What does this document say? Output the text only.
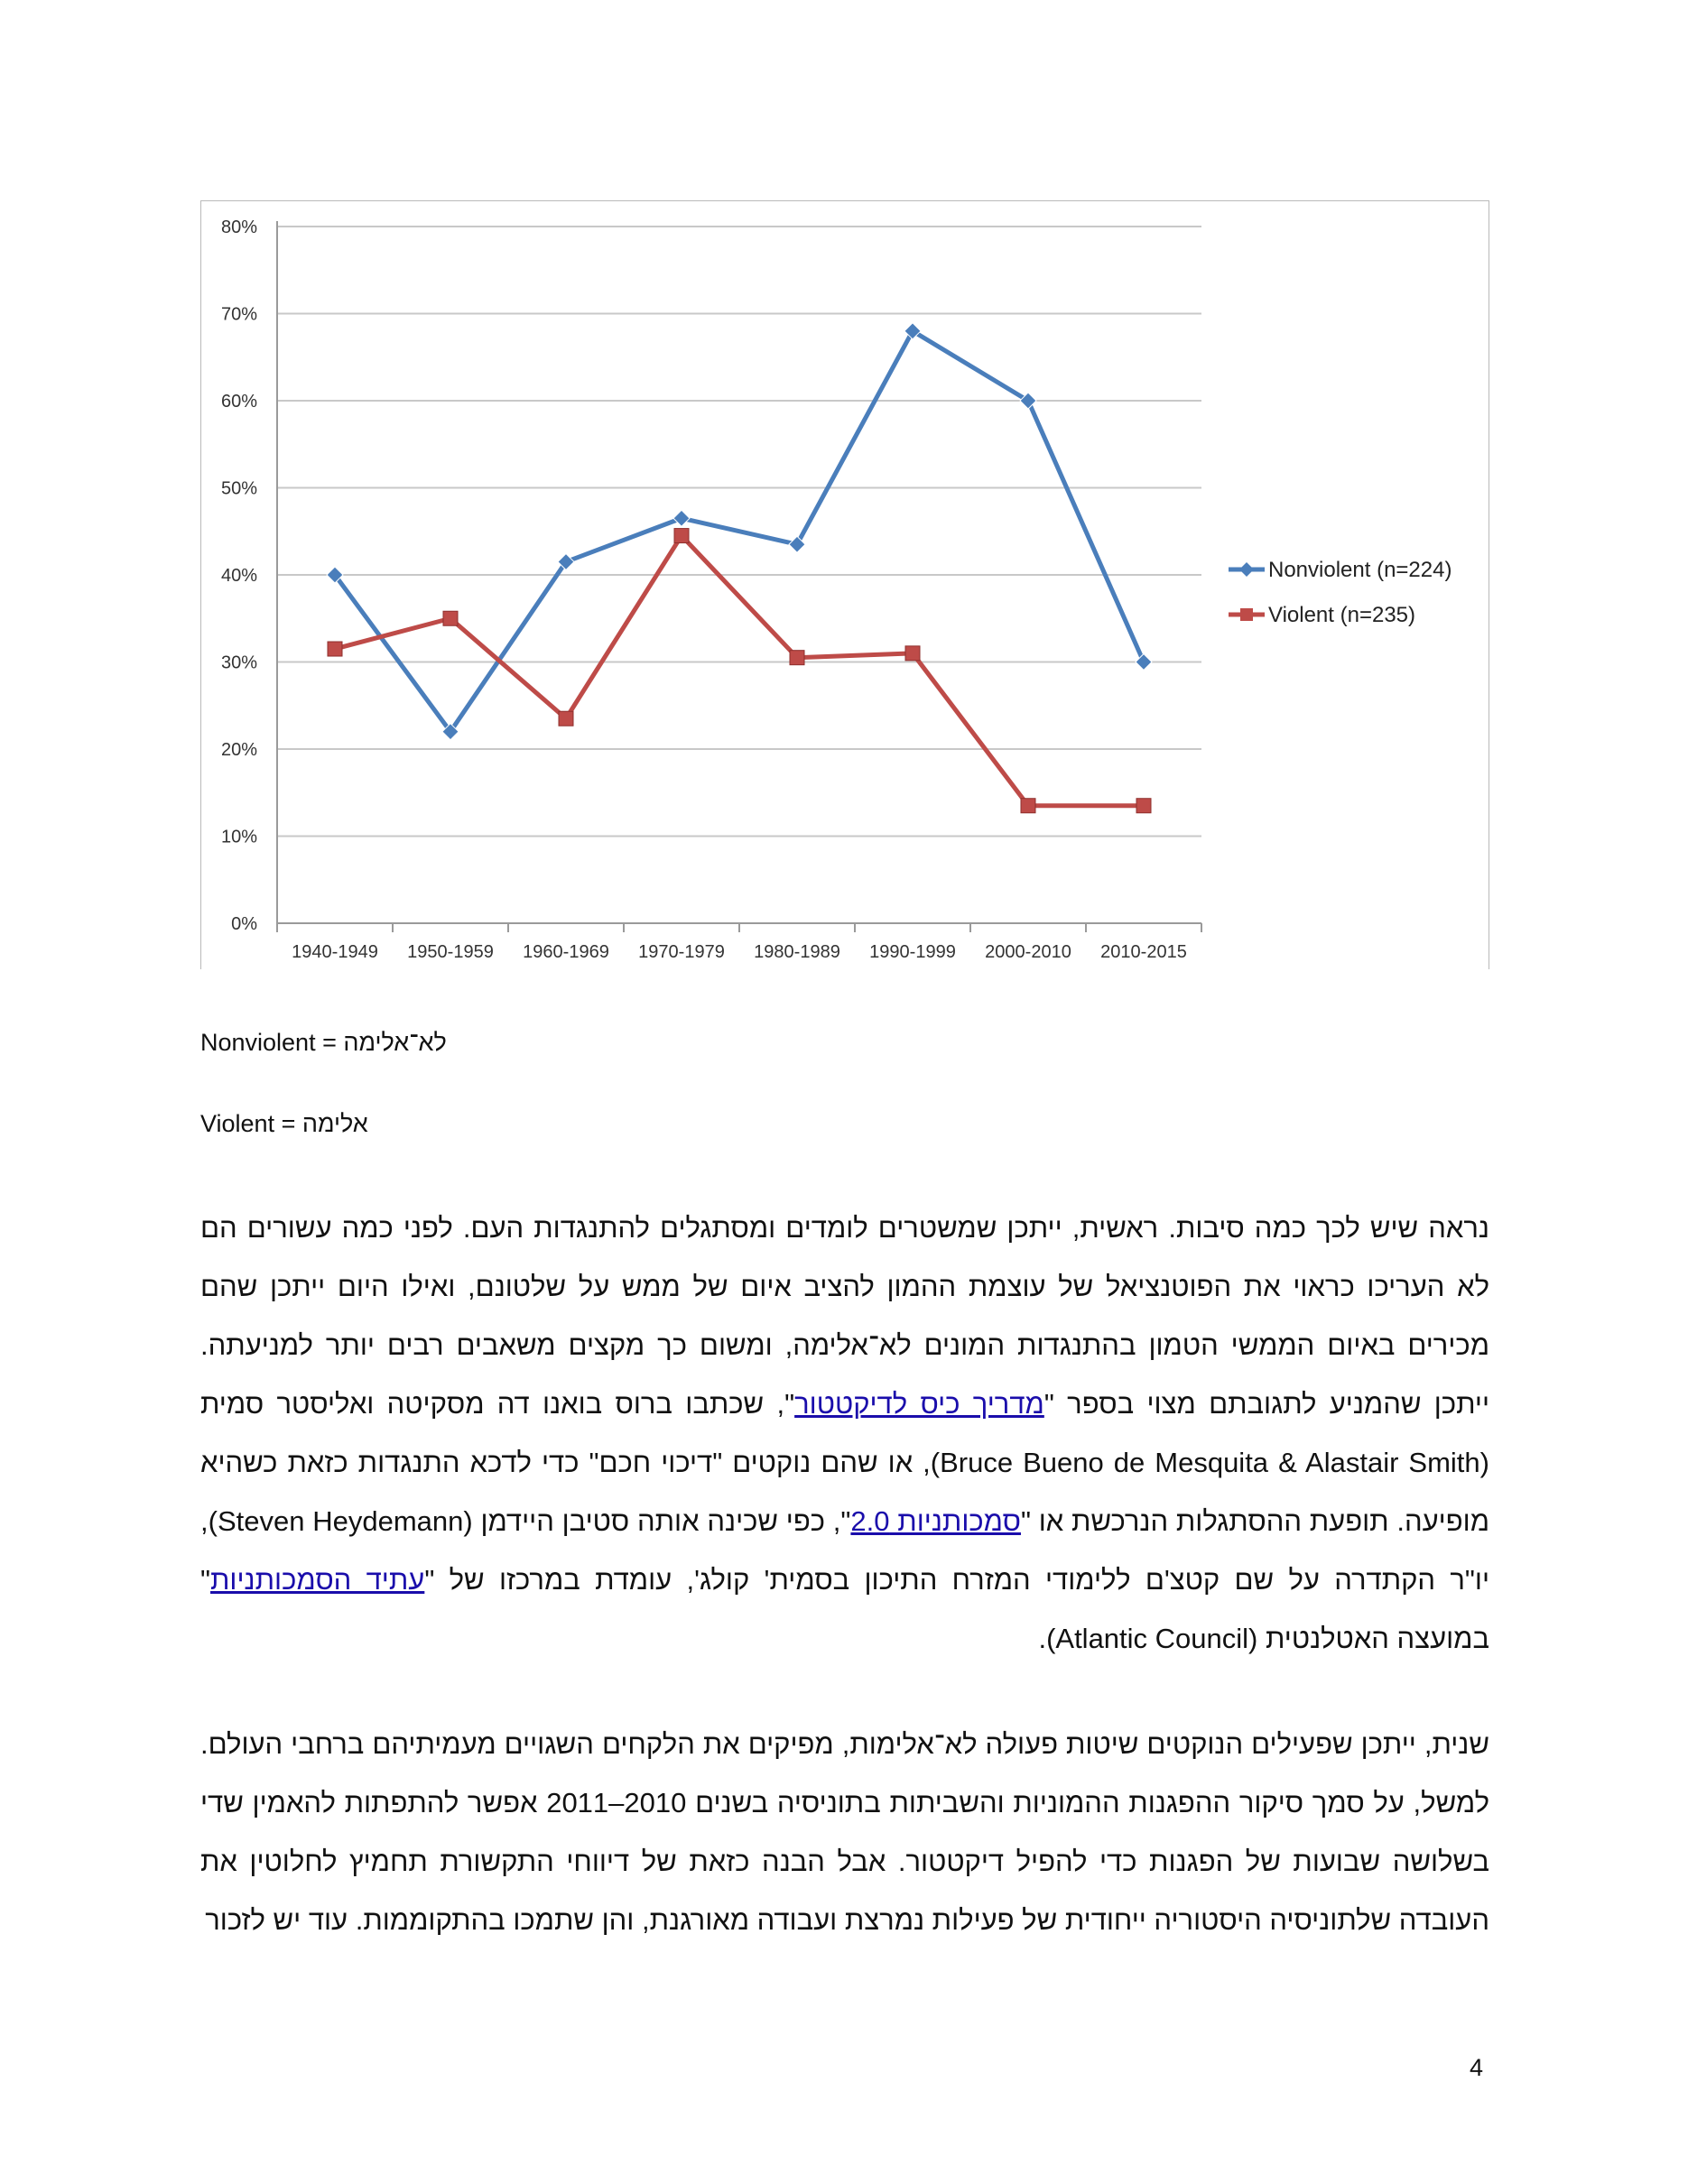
0%
10%
20%
30%
40%
50%
60%
70%
80%
1940-1949 1950-1959 1960-1969 1970-1979 1980-1989 1990-1999 2000-2010 2010-2015
Nonviolent (n=224)
Violent (n=235)
Nonviolent = לא־אלימה
Violent = אלימה

נראה שיש לכך כמה סיבות. ראשית, ייתכן שמשטרים לומדים ומסתגלים להתנגדות העם. לפני כמה עשורים הם לא העריכו כראוי את הפוטנציאל של עוצמת ההמון להציב איום של ממש על שלטונם, ואילו היום ייתכן שהם מכירים באיום הממשי הטמון בהתנגדות המונים לא־אלימה, ומשום כך מקצים משאבים רבים יותר למניעתה. ייתכן שהמניע לתגובתם מצוי בספר "מדריך כיס לדיקטטור", שכתבו ברוס בואנו דה מסקיטה ואליסטר סמית (Bruce Bueno de Mesquita & Alastair Smith), או שהם נוקטים "דיכוי חכם" כדי לדכא התנגדות כזאת כשהיא מופיעה. תופעת ההסתגלות הנרכשת או "סמכותניות 2.0", כפי שכינה אותה סטיבן היידמן (Steven Heydemann), יו"ר הקתדרה על שם קטצ'ם ללימודי המזרח התיכון בסמית' קולג', עומדת במרכזו של "עתיד הסמכותניות" במועצה האטלנטית (Atlantic Council).

שנית, ייתכן שפעילים הנוקטים שיטות פעולה לא־אלימות, מפיקים את הלקחים השגויים מעמיתיהם ברחבי העולם. למשל, על סמך סיקור ההפגנות ההמוניות והשביתות בתוניסיה בשנים 2010–2011 אפשר להתפתות להאמין שדי בשלושה שבועות של הפגנות כדי להפיל דיקטטור. אבל הבנה כזאת של דיווחי התקשורת תחמיץ לחלוטין את העובדה שלתוניסיה היסטוריה ייחודית של פעילות נמרצת ועבודה מאורגנת, והן שתמכו בהתקוממות. עוד יש לזכור

4
